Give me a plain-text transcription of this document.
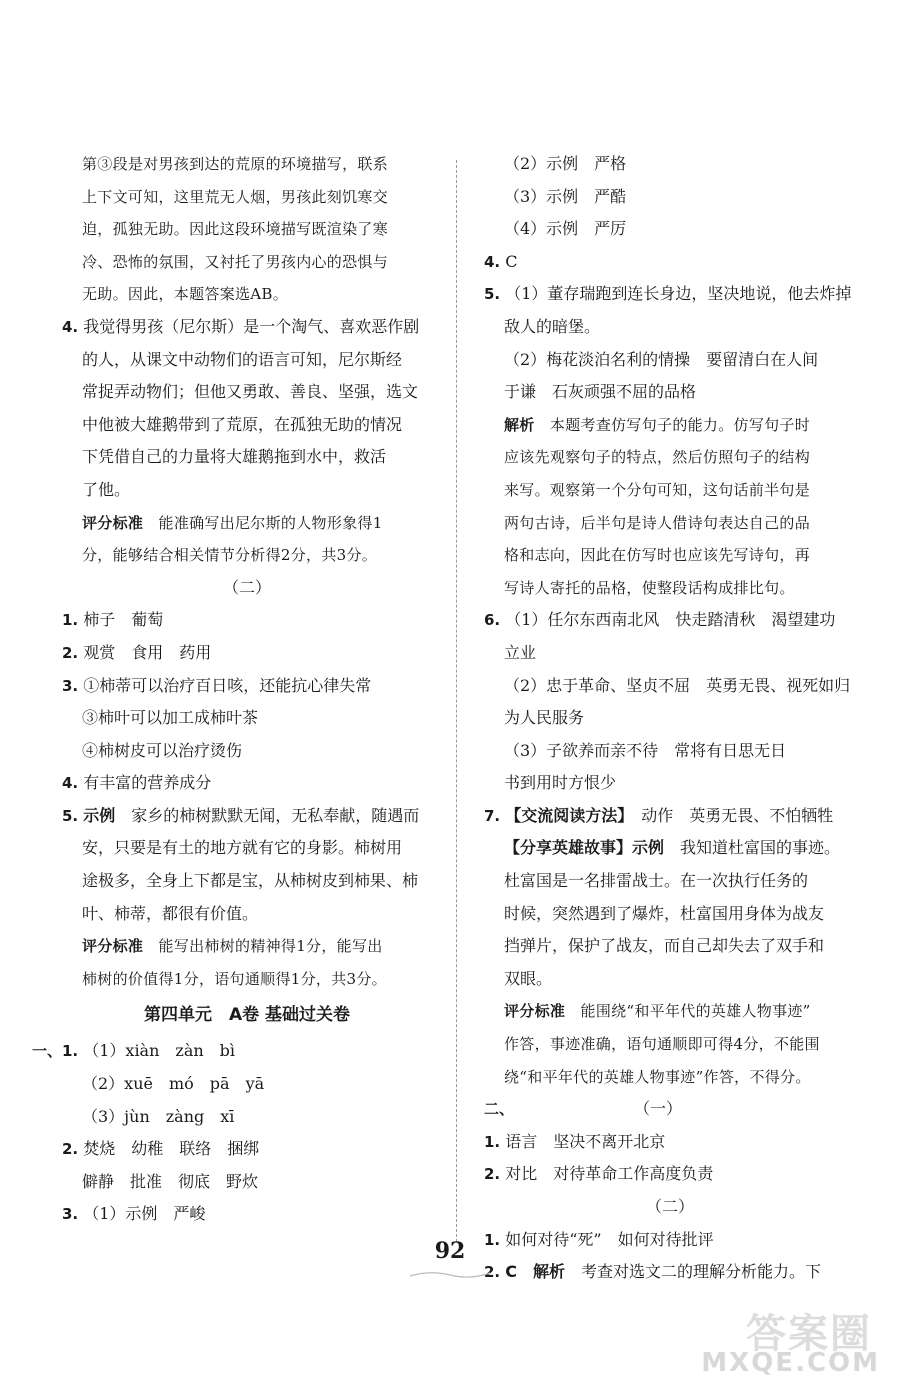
第③段是对男孩到达的荒原的环境描写，联系
上下文可知，这里荒无人烟，男孩此刻饥寒交
迫，孤独无助。因此这段环境描写既渲染了寒
冷、恐怖的氛围，又衬托了男孩内心的恐惧与
无助。因此，本题答案选AB。
4. 我觉得男孩（尼尔斯）是一个淘气、喜欢恶作剧
的人，从课文中动物们的语言可知，尼尔斯经
常捉弄动物们；但他又勇敢、善良、坚强，选文
中他被大雄鹅带到了荒原，在孤独无助的情况
下凭借自己的力量将大雄鹅拖到水中，救活
了他。
评分标准　 能准确写出尼尔斯的人物形象得1
分，能够结合相关情节分析得2分，共3分。
（二）
1. 柿子　葡萄
2. 观赏　食用　药用
3. ①柿蒂可以治疗百日咳，还能抗心律失常
③柿叶可以加工成柿叶茶
④柿树皮可以治疗烫伤
4. 有丰富的营养成分
5. 示例　 家乡的柿树默默无闻，无私奉献，随遇而
安，只要是有土的地方就有它的身影。柿树用
途极多，全身上下都是宝，从柿树皮到柿果、柿
叶、柿蒂，都很有价值。
评分标准　 能写出柿树的精神得1分，能写出
柿树的价值得1分，语句通顺得1分，共3分。
第四单元　A卷 基础过关卷
一、1. （1）xiàn　zàn　bì
（2）xuē　mó　pā　yā
（3）jùn　zàng　xī
2. 焚烧　幼稚　联络　捆绑
僻静　批准　彻底　野炊
3. （1）示例　严峻
（2）示例　严格
（3）示例　严酷
（4）示例　严厉
4. C
5. （1）董存瑞跑到连长身边，坚决地说，他去炸掉
敌人的暗堡。
（2）梅花淡泊名利的情操　要留清白在人间
于谦　石灰顽强不屈的品格
解析　 本题考查仿写句子的能力。仿写句子时
应该先观察句子的特点，然后仿照句子的结构
来写。观察第一个分句可知，这句话前半句是
两句古诗，后半句是诗人借诗句表达自己的品
格和志向，因此在仿写时也应该先写诗句，再
写诗人寄托的品格，使整段话构成排比句。
6. （1）任尔东西南北风　快走踏清秋　渴望建功
立业
（2）忠于革命、坚贞不屈　英勇无畏、视死如归
为人民服务
（3）子欲养而亲不待　常将有日思无日
书到用时方恨少
7. 【交流阅读方法】　 动作　英勇无畏、不怕牺牲
【分享英雄故事】示例　 我知道杜富国的事迹。
杜富国是一名排雷战士。在一次执行任务的
时候，突然遇到了爆炸，杜富国用身体为战友
挡弹片，保护了战友，而自己却失去了双手和
双眼。
评分标准　 能围绕“和平年代的英雄人物事迹”
作答，事迹准确，语句通顺即可得4分，不能围
绕“和平年代的英雄人物事迹”作答，不得分。
二、	（一）
1. 语言　坚决不离开北京
2. 对比　对待革命工作高度负责
（二）
1. 如何对待“死”　如何对待批评
2. C　解析　 考查对选文二的理解分析能力。下
92
答案圈
MXQE.COM
